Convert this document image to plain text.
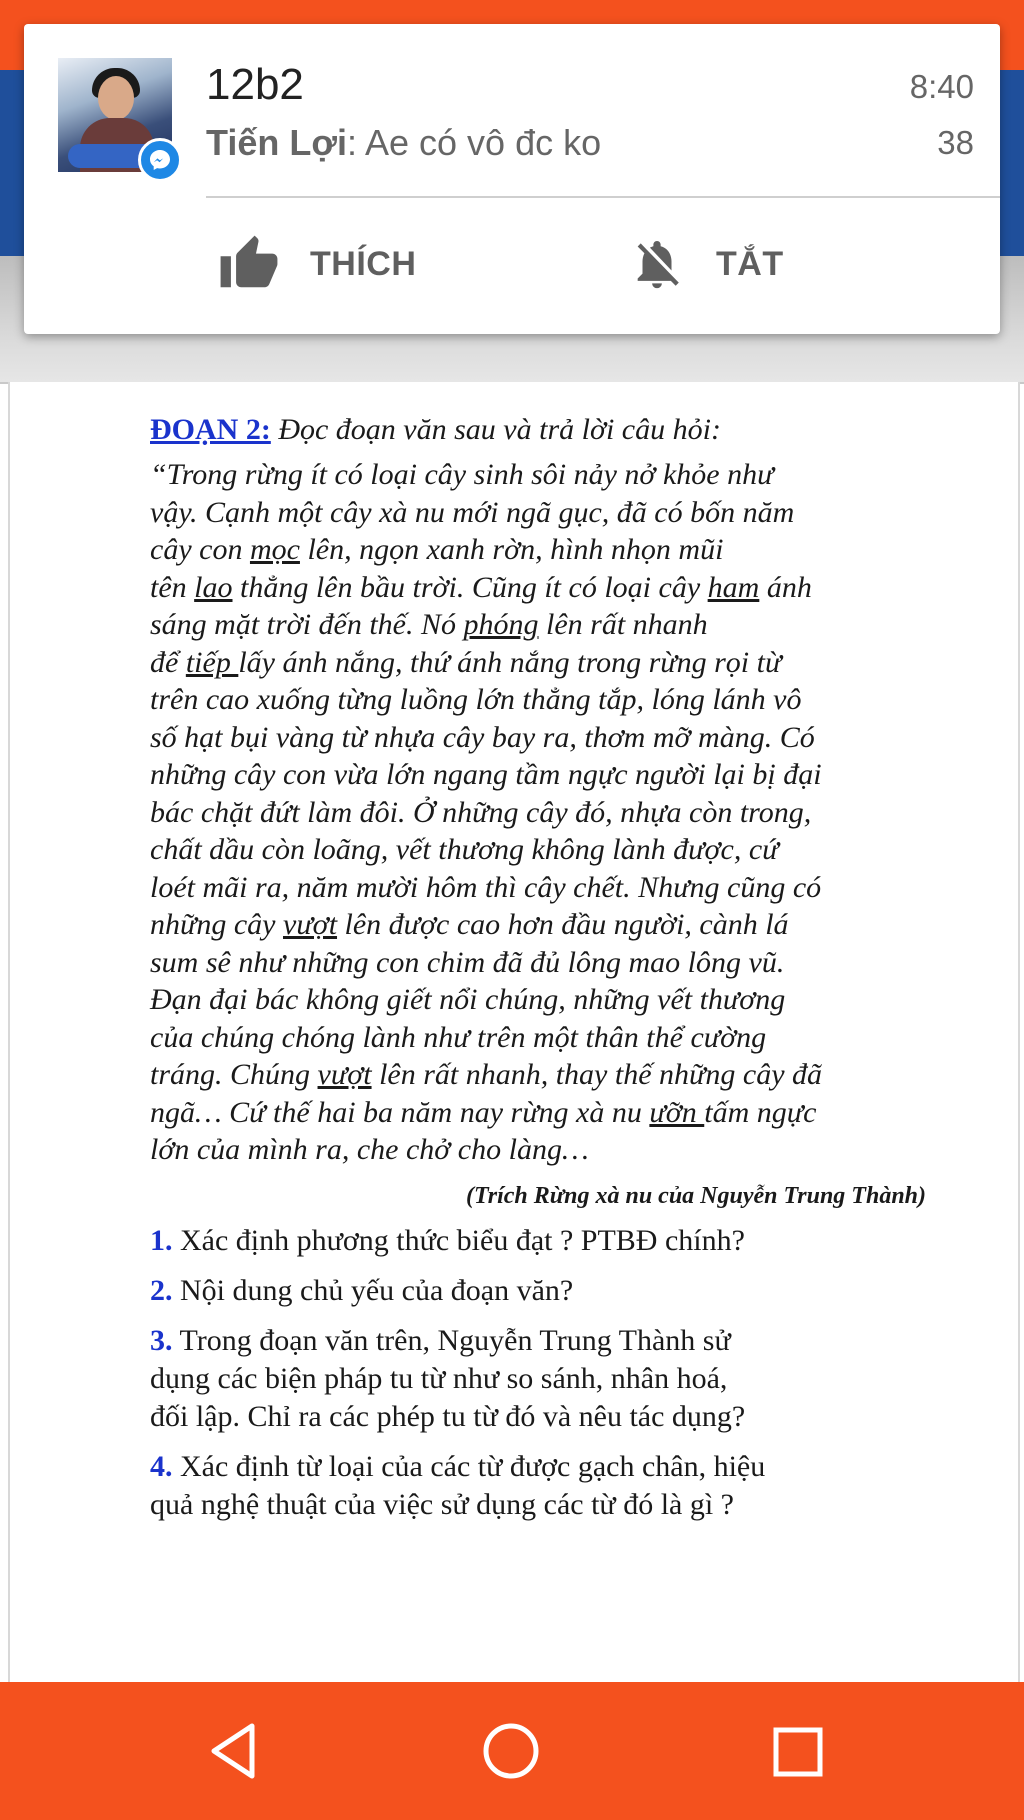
ĐOẠN 2: Đọc đoạn văn sau và trả lời câu hỏi:
“Trong rừng ít có loại cây sinh sôi nảy nở khỏe như
vậy. Cạnh một cây xà nu mới ngã gục, đã có bốn năm
cây con mọc lên, ngọn xanh rờn, hình nhọn mũi
tên lao thẳng lên bầu trời. Cũng ít có loại cây ham ánh
sáng mặt trời đến thế. Nó phóng lên rất nhanh
để tiếp lấy ánh nắng, thứ ánh nắng trong rừng rọi từ
trên cao xuống từng luồng lớn thẳng tắp, lóng lánh vô
số hạt bụi vàng từ nhựa cây bay ra, thơm mỡ màng. Có
những cây con vừa lớn ngang tầm ngực người lại bị đại
bác chặt đứt làm đôi. Ở những cây đó, nhựa còn trong,
chất dầu còn loãng, vết thương không lành được, cứ
loét mãi ra, năm mười hôm thì cây chết. Nhưng cũng có
những cây vượt lên được cao hơn đầu người, cành lá
sum sê như những con chim đã đủ lông mao lông vũ.
Đạn đại bác không giết nổi chúng, những vết thương
của chúng chóng lành như trên một thân thể cường
tráng. Chúng vượt lên rất nhanh, thay thế những cây đã
ngã… Cứ thế hai ba năm nay rừng xà nu ưỡn tấm ngực
lớn của mình ra, che chở cho làng…
(Trích Rừng xà nu của Nguyễn Trung Thành)
1. Xác định phương thức biểu đạt ? PTBĐ chính?
2. Nội dung chủ yếu của đoạn văn?
3. Trong đoạn văn trên, Nguyễn Trung Thành sử
dụng các biện pháp tu từ như so sánh, nhân hoá,
đối lập. Chỉ ra các phép tu từ đó và nêu tác dụng?
4. Xác định từ loại của các từ được gạch chân, hiệu
quả nghệ thuật của việc sử dụng các từ đó là gì ?
12b2	8:40
Tiến Lợi: Ae có vô đc ko	38
THÍCH	TẮT
